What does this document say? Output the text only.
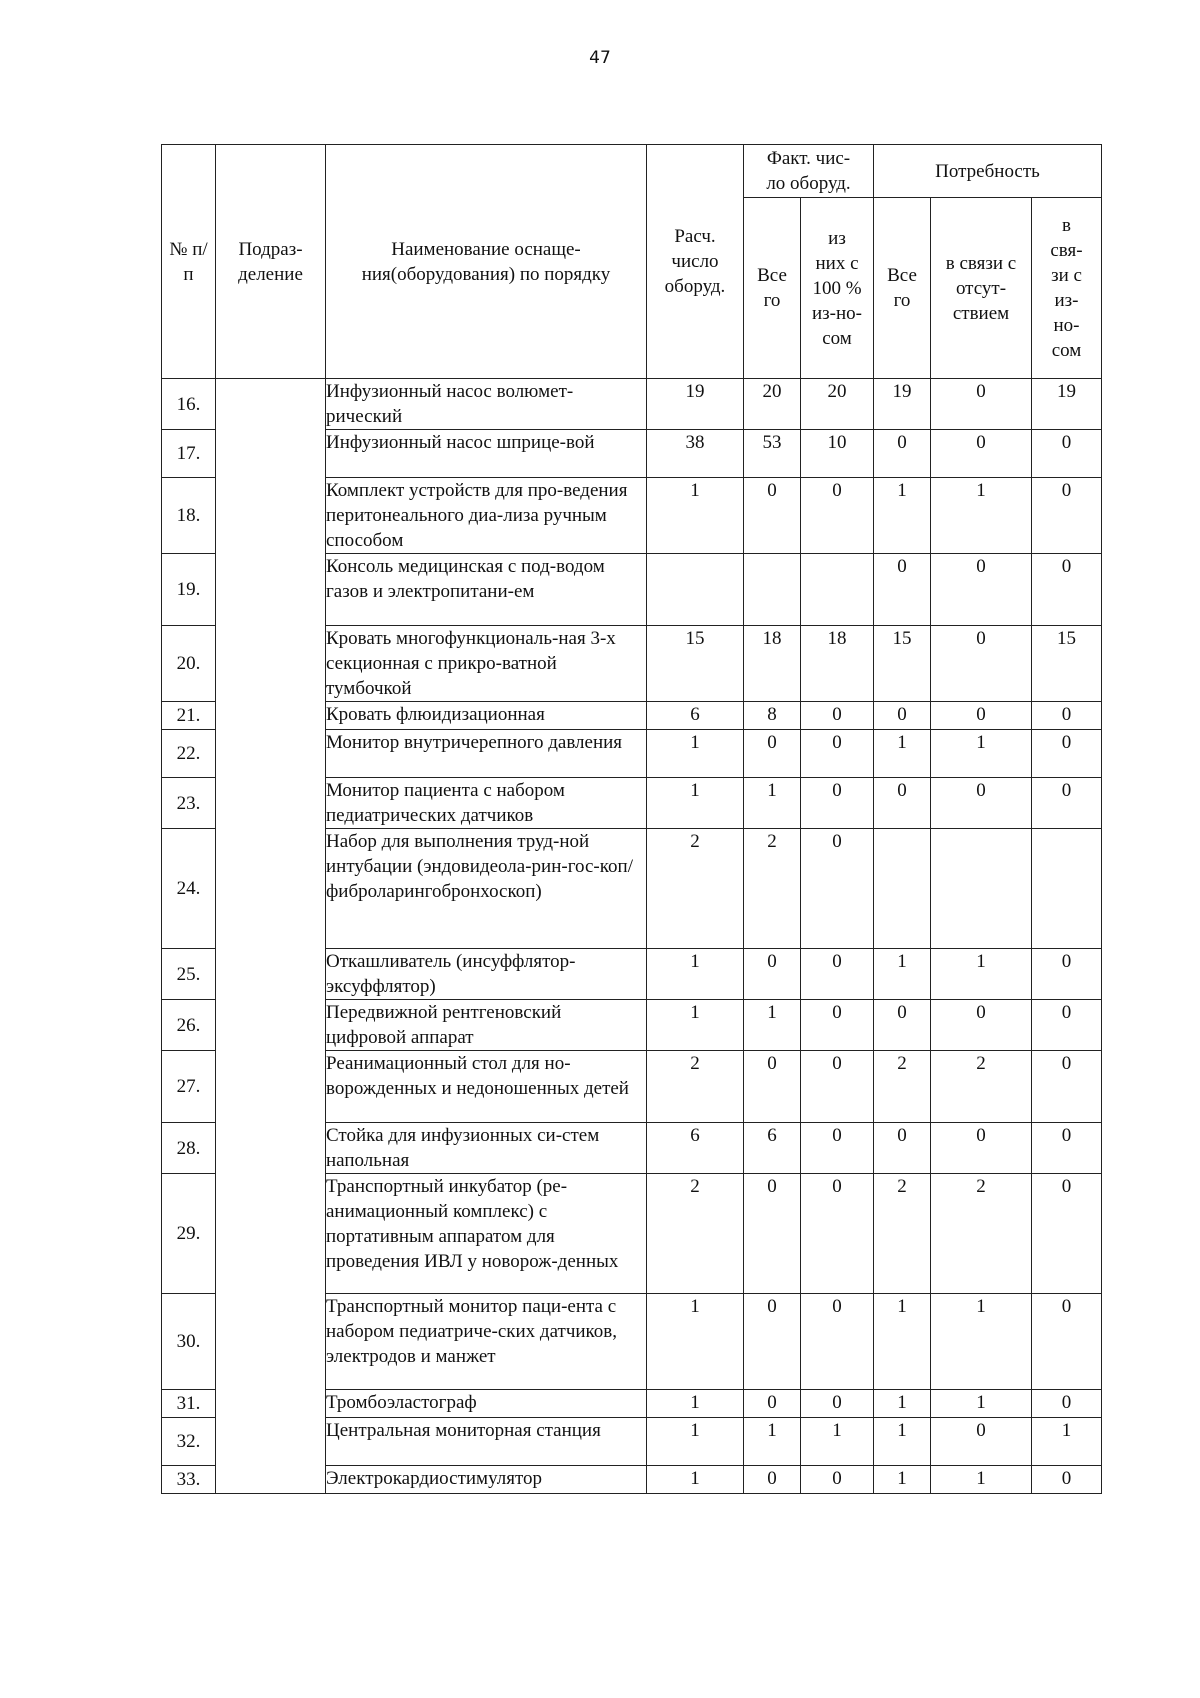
47
№ п/п	Подраз-деление	Наименование оснаще-ния(оборудования) по порядку	Расч. число оборуд.	Факт. чис-ло оборуд.		Потребность		

				Все го	из них с 100 % из-но-сом	Все го	в связи с отсут-ствием	в свя-зи с из-но-сом

16.		Инфузионный насос волюмет-рический	19	20	20	19	0	19
17.		Инфузионный насос шприце-вой	38	53	10	0	0	0
18.		Комплект устройств для про-ведения перитонеального диа-лиза ручным способом	1	0	0	1	1	0
19.		Консоль медицинская с под-водом газов и электропитани-ем				0	0	0
20.		Кровать многофункциональ-ная 3-х секционная с прикро-ватной тумбочкой	15	18	18	15	0	15
21.		Кровать флюидизационная	6	8	0	0	0	0
22.		Монитор внутричерепного давления	1	0	0	1	1	0
23.		Монитор пациента с набором педиатрических датчиков	1	1	0	0	0	0
24.		Набор для выполнения труд-ной интубации (эндовидеола-рин-гос-коп/фиброларингобронхоскоп)	2	2	0			
25.		Откашливатель (инсуффлятор-эксуффлятор)	1	0	0	1	1	0
26.		Передвижной рентгеновский цифровой аппарат	1	1	0	0	0	0
27.		Реанимационный стол для но-ворожденных и недоношенных детей	2	0	0	2	2	0
28.		Стойка для инфузионных си-стем напольная	6	6	0	0	0	0
29.		Транспортный инкубатор (ре-анимационный комплекс) с портативным аппаратом для проведения ИВЛ у новорож-денных	2	0	0	2	2	0
30.		Транспортный монитор паци-ента с набором педиатриче-ских датчиков, электродов и манжет	1	0	0	1	1	0
31.		Тромбоэластограф	1	0	0	1	1	0
32.		Центральная мониторная станция	1	1	1	1	0	1
33.		Электрокардиостимулятор	1	0	0	1	1	0
